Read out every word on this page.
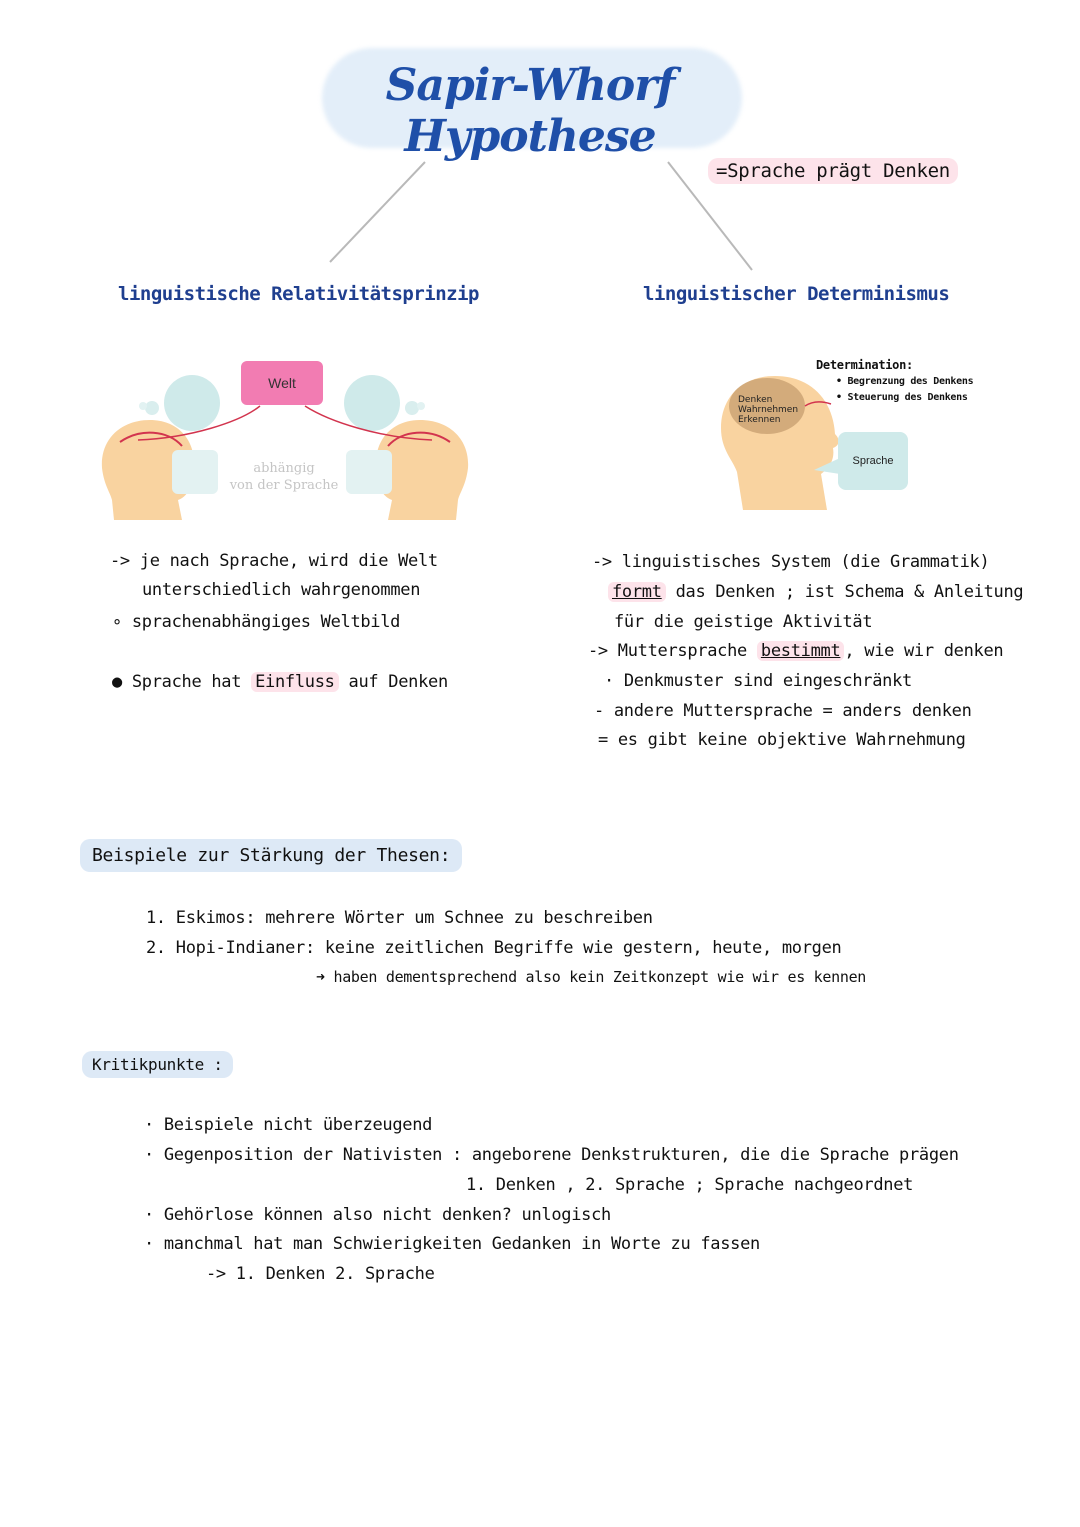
Sapir-Whorf Hypothese
=Sprache prägt Denken
linguistische Relativitätsprinzip	linguistischer Determinismus
Welt
abhängig
von der Sprache
Denken
Wahrnehmen
Erkennen
Determination:
• Begrenzung des Denkens
• Steuerung des Denkens
Sprache
-> je nach Sprache, wird die Welt
unterschiedlich wahrgenommen
∘ sprachenabhängiges Weltbild
● Sprache hat Einfluss auf Denken
-> linguistisches System (die Grammatik)
formt das Denken ; ist Schema & Anleitung
für die geistige Aktivität
-> Muttersprache bestimmt , wie wir denken
· Denkmuster sind eingeschränkt
- andere Muttersprache = anders denken
= es gibt keine objektive Wahrnehmung
Beispiele zur Stärkung der Thesen:
1. Eskimos: mehrere Wörter um Schnee zu beschreiben
2. Hopi-Indianer: keine zeitlichen Begriffe wie gestern, heute, morgen
➜ haben dementsprechend also kein Zeitkonzept wie wir es kennen
Kritikpunkte :
· Beispiele nicht überzeugend
· Gegenposition der Nativisten : angeborene Denkstrukturen, die die Sprache prägen
1. Denken , 2. Sprache ; Sprache nachgeordnet
· Gehörlose können also nicht denken? unlogisch
· manchmal hat man Schwierigkeiten Gedanken in Worte zu fassen
-> 1. Denken 2. Sprache
